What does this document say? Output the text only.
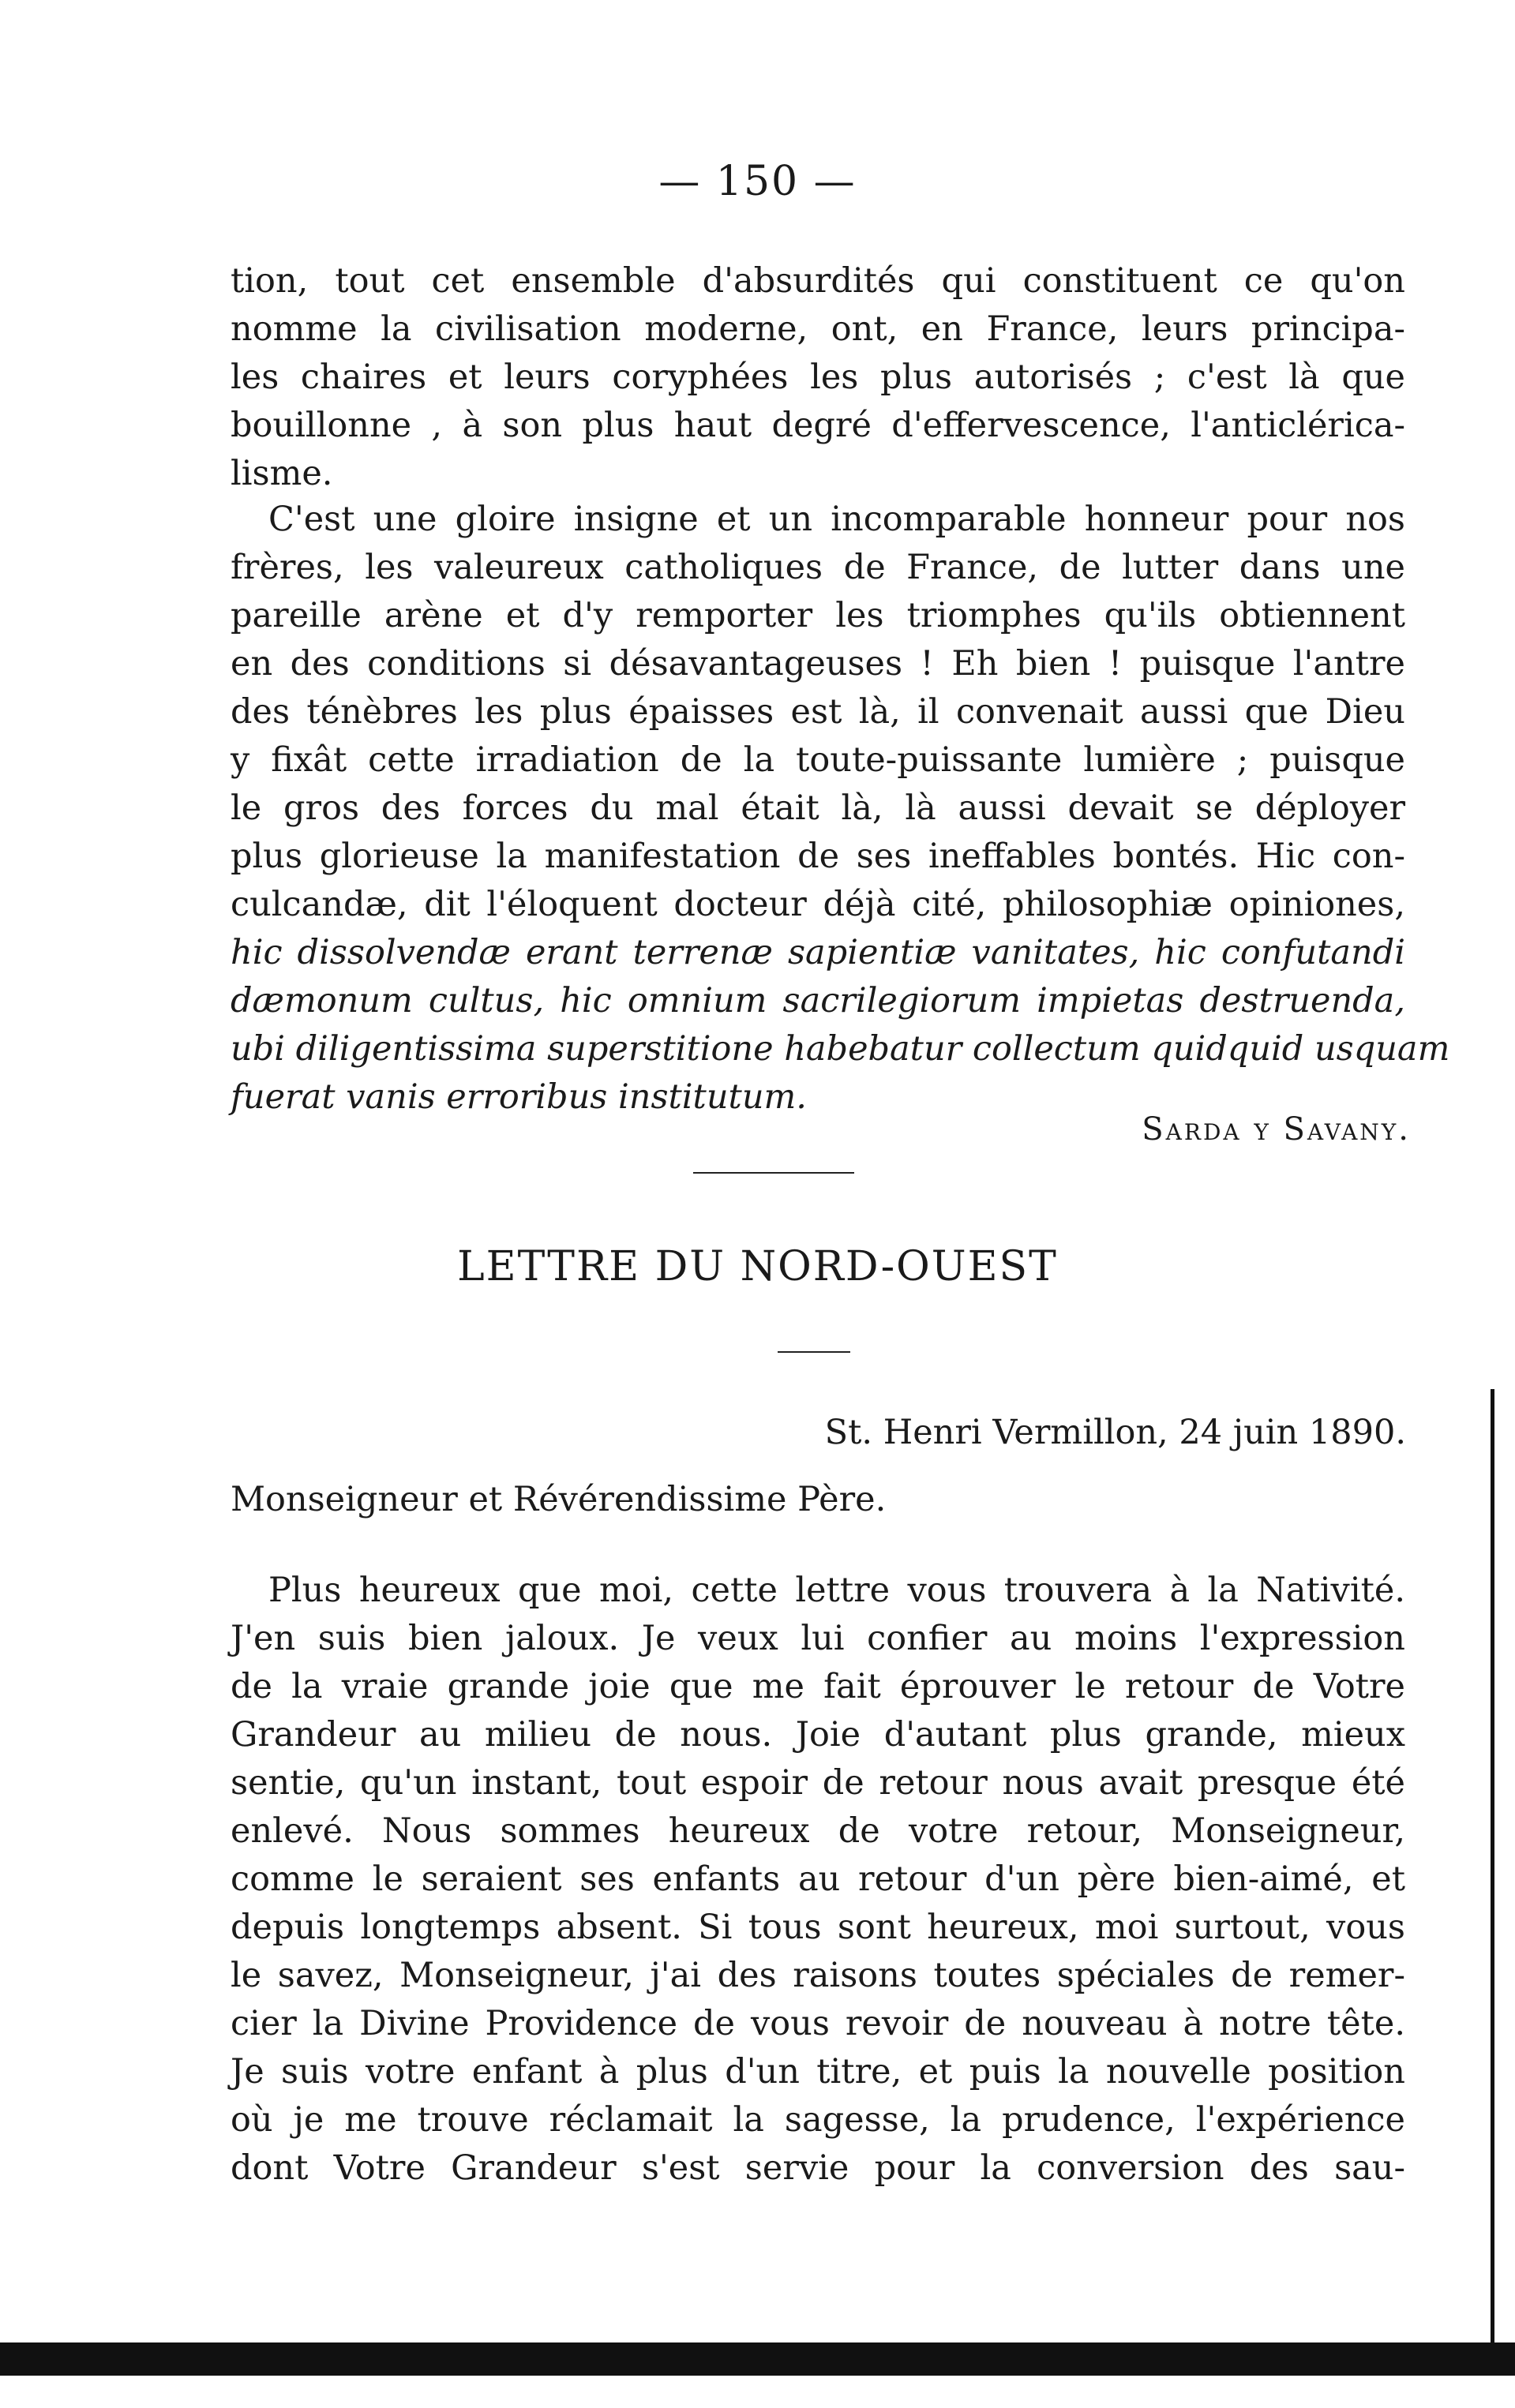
— 150 —
tion, tout cet ensemble d'absurdités qui constituent ce qu'on
nomme la civilisation moderne, ont, en France, leurs principa-
les chaires et leurs coryphées les plus autorisés ; c'est là que
bouillonne , à son plus haut degré d'effervescence, l'anticlérica-
lisme.
C'est une gloire insigne et un incomparable honneur pour nos
frères, les valeureux catholiques de France, de lutter dans une
pareille arène et d'y remporter les triomphes qu'ils obtiennent
en des conditions si désavantageuses ! Eh bien ! puisque l'antre
des ténèbres les plus épaisses est là, il convenait aussi que Dieu
y fixât cette irradiation de la toute-puissante lumière ; puisque
le gros des forces du mal était là, là aussi devait se déployer
plus glorieuse la manifestation de ses ineffables bontés. Hic con-
culcandæ, dit l'éloquent docteur déjà cité, philosophiæ opiniones,
hic dissolvendæ erant terrenæ sapientiæ vanitates, hic confutandi
dæmonum cultus, hic omnium sacrilegiorum impietas destruenda,
ubi diligentissima superstitione habebatur collectum quidquid usquam
fuerat vanis erroribus institutum.
Sarda y Savany.
LETTRE DU NORD-OUEST
St. Henri Vermillon, 24 juin 1890.
Monseigneur et Révérendissime Père.
Plus heureux que moi, cette lettre vous trouvera à la Nativité.
J'en suis bien jaloux. Je veux lui confier au moins l'expression
de la vraie grande joie que me fait éprouver le retour de Votre
Grandeur au milieu de nous. Joie d'autant plus grande, mieux
sentie, qu'un instant, tout espoir de retour nous avait presque été
enlevé. Nous sommes heureux de votre retour, Monseigneur,
comme le seraient ses enfants au retour d'un père bien-aimé, et
depuis longtemps absent. Si tous sont heureux, moi surtout, vous
le savez, Monseigneur, j'ai des raisons toutes spéciales de remer-
cier la Divine Providence de vous revoir de nouveau à notre tête.
Je suis votre enfant à plus d'un titre, et puis la nouvelle position
où je me trouve réclamait la sagesse, la prudence, l'expérience
dont Votre Grandeur s'est servie pour la conversion des sau-
